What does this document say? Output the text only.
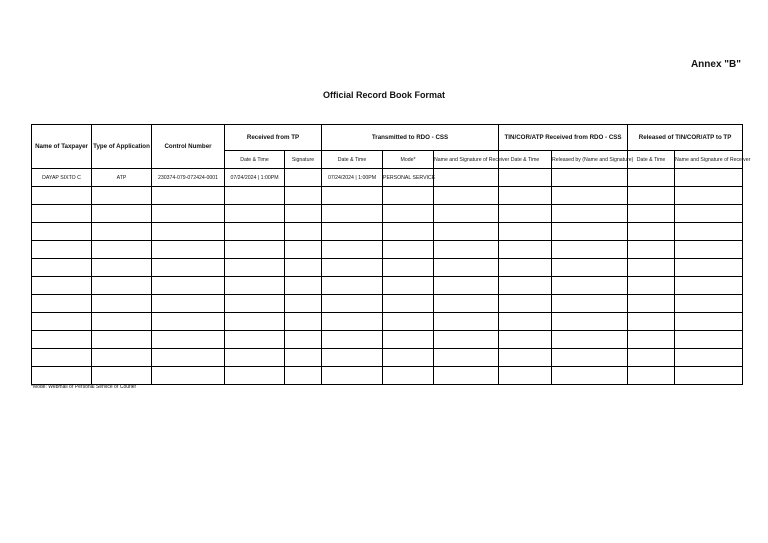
Annex "B"
Official Record Book Format
Name of Taxpayer	Type of Application	Control Number	Received from TP		Transmitted to RDO - CSS			TIN/COR/ATP Received from RDO - CSS		Released of TIN/COR/ATP to TP	
			Date & Time	Signature	Date & Time	Mode*	Name and Signature of Receiver	Date & Time	Released by (Name and Signature)	Date & Time	Name and Signature of Receiver
DAYAP SIXTO C	ATP	230374-079-072424-0001	07/24/2024 | 1:00PM		07/24/2024 | 1:00PM	PERSONAL SERVICE					

*Mode: Webmail or Personal Service or Courier
